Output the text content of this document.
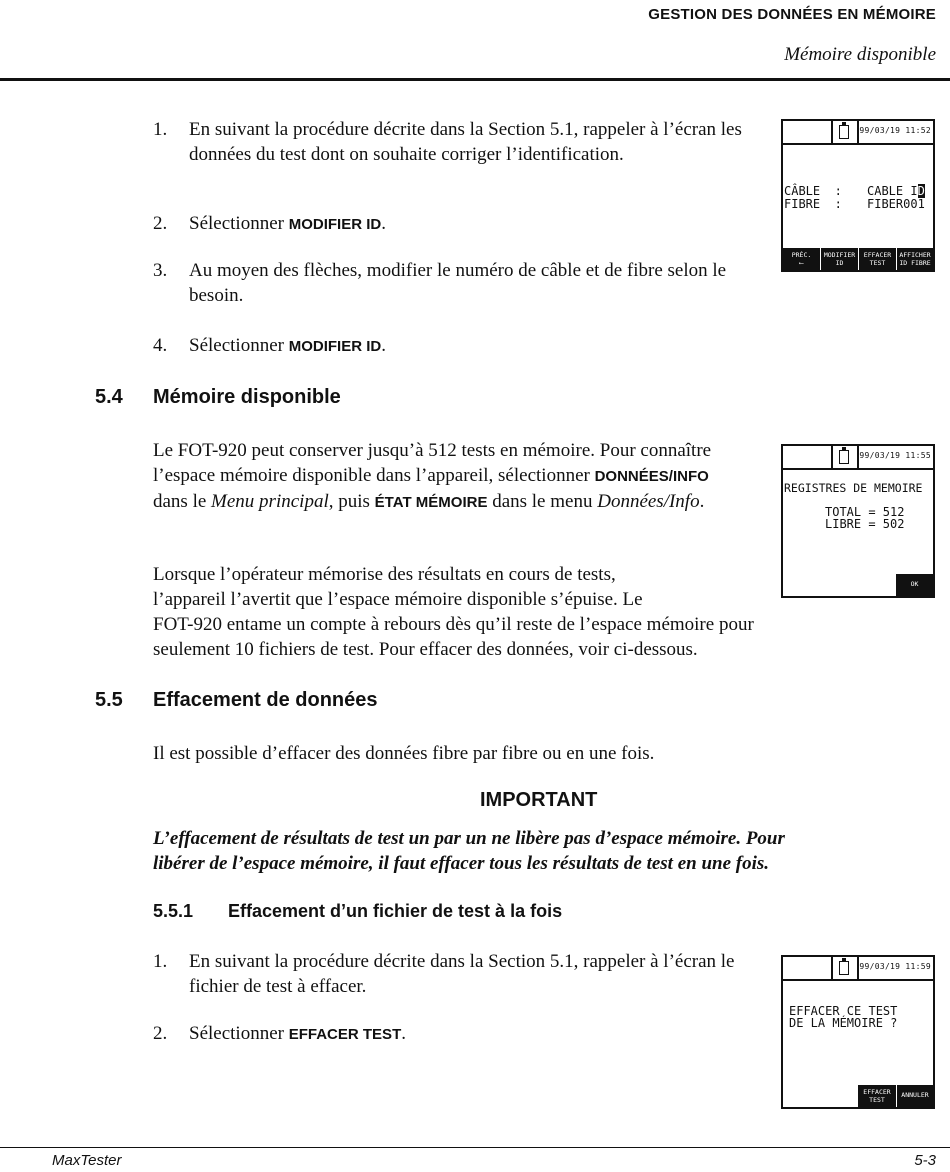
GESTION DES DONNÉES EN MÉMOIRE
Mémoire disponible
1. En suivant la procédure décrite dans la Section 5.1, rappeler à l’écran les données du test dont on souhaite corriger l’identification.
2. Sélectionner MODIFIER ID.
3. Au moyen des flèches, modifier le numéro de câble et de fibre selon le besoin.
4. Sélectionner MODIFIER ID.
99/03/19 11:52
CÂBLE  : CABLE ID
FIBRE  : FIBER001
PRÉC.
⟵
MODIFIER
ID
EFFACER
TEST
AFFICHER
ID FIBRE
5.4 Mémoire disponible
Le FOT-920 peut conserver jusqu’à 512 tests en mémoire. Pour connaître l’espace mémoire disponible dans l’appareil, sélectionner DONNÉES/INFO dans le Menu principal, puis ÉTAT MÉMOIRE dans le menu Données/Info.
Lorsque l’opérateur mémorise des résultats en cours de tests,
l’appareil l’avertit que l’espace mémoire disponible s’épuise. Le
FOT-920 entame un compte à rebours dès qu’il reste de l’espace mémoire pour
seulement 10 fichiers de test. Pour effacer des données, voir ci-dessous.
99/03/19 11:55
REGISTRES DE MEMOIRE
TOTAL = 512
LIBRE = 502
OK
5.5 Effacement de données
Il est possible d’effacer des données fibre par fibre ou en une fois.
IMPORTANT
L’effacement de résultats de test un par un ne libère pas d’espace mémoire. Pour
libérer de l’espace mémoire, il faut effacer tous les résultats de test en une fois.
5.5.1 Effacement d’un fichier de test à la fois
1. En suivant la procédure décrite dans la Section 5.1, rappeler à l’écran le fichier de test à effacer.
2. Sélectionner EFFACER TEST.
99/03/19 11:59
EFFACER CE TEST
DE LA MÉMOIRE ?
EFFACER
TEST
ANNULER
MaxTester	5-3
